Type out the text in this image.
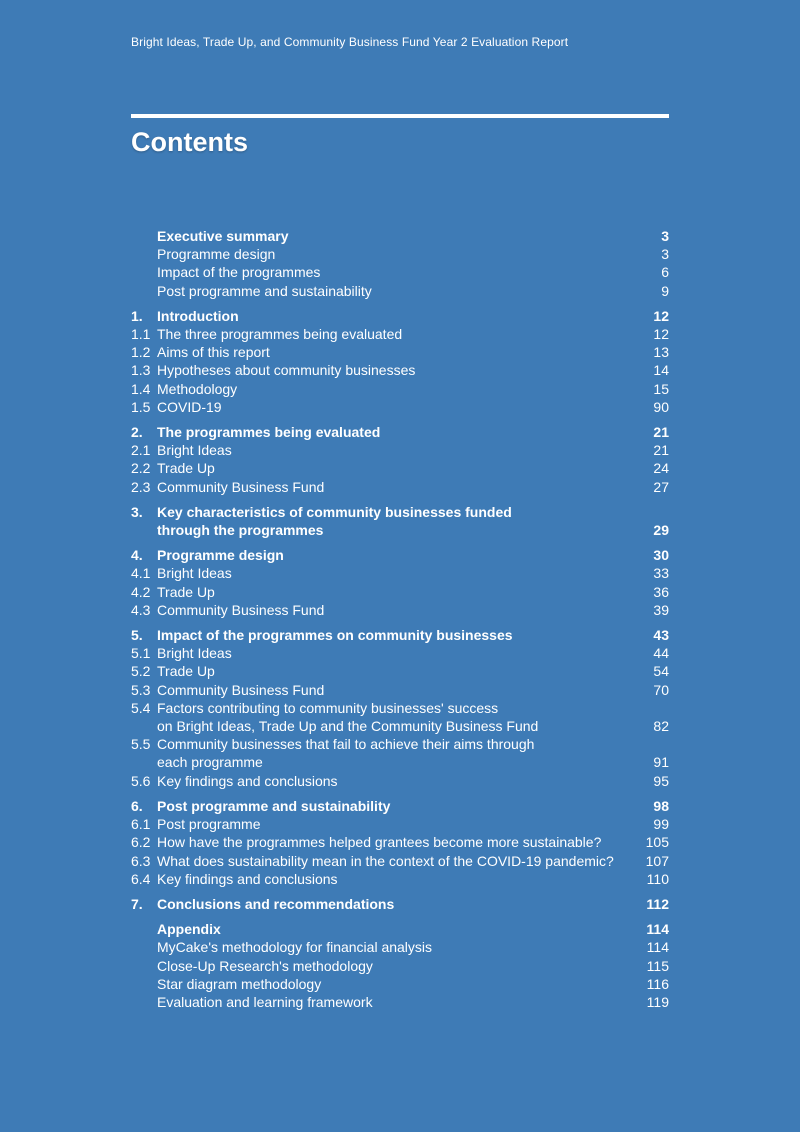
Bright Ideas, Trade Up, and Community Business Fund Year 2 Evaluation Report
Contents
Executive summary	3
Programme design	3
Impact of the programmes	6
Post programme and sustainability	9
1.	Introduction	12
1.1 The three programmes being evaluated	12
1.2 Aims of this report	13
1.3 Hypotheses about community businesses	14
1.4 Methodology	15
1.5 COVID-19	90
2.	The programmes being evaluated	21
2.1 Bright Ideas	21
2.2 Trade Up	24
2.3 Community Business Fund	27
3.	Key characteristics of community businesses funded
through the programmes	29
4.	Programme design	30
4.1 Bright Ideas	33
4.2 Trade Up	36
4.3 Community Business Fund	39
5.	Impact of the programmes on community businesses	43
5.1 Bright Ideas	44
5.2 Trade Up	54
5.3 Community Business Fund	70
5.4 Factors contributing to community businesses' success
on Bright Ideas, Trade Up and the Community Business Fund	82
5.5 Community businesses that fail to achieve their aims through
each programme	91
5.6 Key findings and conclusions	95
6.	Post programme and sustainability	98
6.1 Post programme	99
6.2 How have the programmes helped grantees become more sustainable?	105
6.3 What does sustainability mean in the context of the COVID-19 pandemic?	107
6.4 Key findings and conclusions	110
7.	Conclusions and recommendations	112
Appendix	114
MyCake's methodology for financial analysis	114
Close-Up Research's methodology	115
Star diagram methodology	116
Evaluation and learning framework	119
